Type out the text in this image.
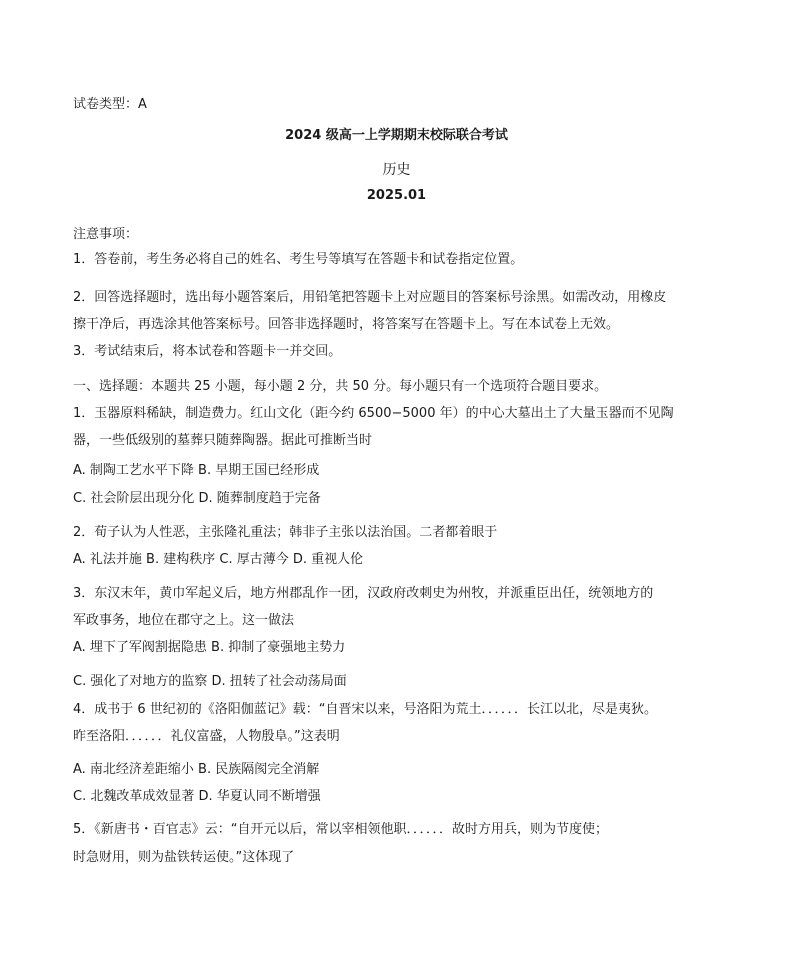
试卷类型：A
2024 级高一上学期期末校际联合考试
历史
2025.01
注意事项：
1．答卷前，考生务必将自己的姓名、考生号等填写在答题卡和试卷指定位置。
2．回答选择题时，选出每小题答案后，用铅笔把答题卡上对应题目的答案标号涂黑。如需改动，用橡皮
擦干净后，再选涂其他答案标号。回答非选择题时，将答案写在答题卡上。写在本试卷上无效。
3．考试结束后，将本试卷和答题卡一并交回。
一、选择题：本题共 25 小题，每小题 2 分，共 50 分。每小题只有一个选项符合题目要求。
1．玉器原料稀缺，制造费力。红山文化（距今约 6500−5000 年）的中心大墓出土了大量玉器而不见陶
器，一些低级别的墓葬只随葬陶器。据此可推断当时
A. 制陶工艺水平下降 B. 早期王国已经形成
C. 社会阶层出现分化 D. 随葬制度趋于完备
2．荀子认为人性恶，主张隆礼重法；韩非子主张以法治国。二者都着眼于
A. 礼法并施 B. 建构秩序 C. 厚古薄今 D. 重视人伦
3．东汉末年，黄巾军起义后，地方州郡乱作一团，汉政府改刺史为州牧，并派重臣出任，统领地方的
军政事务，地位在郡守之上。这一做法
A. 埋下了军阀割据隐患 B. 抑制了豪强地主势力
C. 强化了对地方的监察 D. 扭转了社会动荡局面
4．成书于 6 世纪初的《洛阳伽蓝记》载：“自晋宋以来，号洛阳为荒土．．．．．．长江以北，尽是夷狄。
昨至洛阳．．．．．．礼仪富盛，人物殷阜。”这表明
A. 南北经济差距缩小 B. 民族隔阂完全消解
C. 北魏改革成效显著 D. 华夏认同不断增强
5．《新唐书・百官志》云：“自开元以后，常以宰相领他职．．．．．．故时方用兵，则为节度使；
时急财用，则为盐铁转运使。”这体现了
